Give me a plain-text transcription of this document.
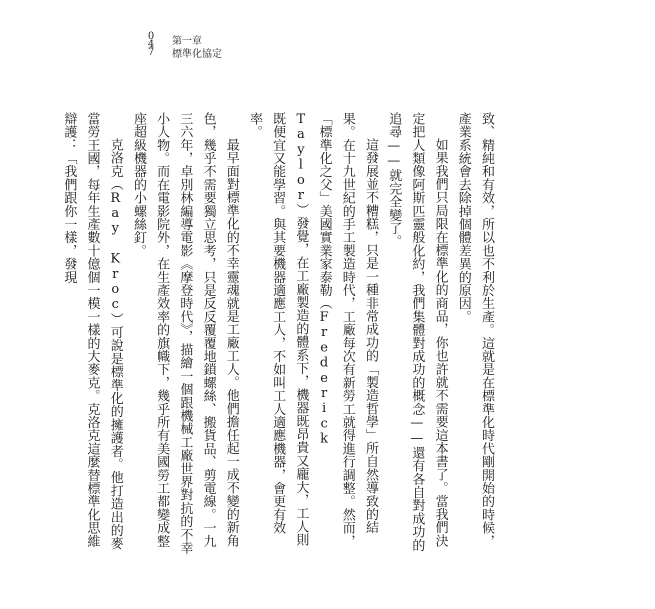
047
第一章
標準化協定

致、精純和有效，所以也不利於生產。這就是在標準化時代剛開始的時候，產業系統會去除掉個體差異的原因。

如果我們只局限在標準化的商品，你也許就不需要這本書了。當我們決定把人類像阿斯匹靈般化約，我們集體對成功的概念——還有各自對成功的追尋——就完全變了。

這發展並不糟糕，只是一種非常成功的「製造哲學」所自然導致的結果。在十九世紀的手工製造時代，工廠每次有新勞工就得進行調整。然而，「標準化之父」美國實業家泰勒（Frederick Taylor）發覺，在工廠製造的體系下，機器既昂貴又龐大，工人則既便宜又能學習。與其要機器適應工人，不如叫工人適應機器，會更有效率。

最早面對標準化的不幸靈魂就是工廠工人。他們擔任起一成不變的新角色，幾乎不需要獨立思考，只是反反覆覆地鎖螺絲、搬貨品、剪電線。一九三六年，卓別林編導電影《摩登時代》，描繪一個跟機械工廠世界對抗的不幸小人物。而在電影院外，在生產效率的旗幟下，幾乎所有美國勞工都變成整座超級機器的小螺絲釘。

克洛克（Ray Kroc）可說是標準化的擁護者。他打造出的麥當勞王國，每年生產數十億個一模一樣的大麥克。克洛克這麼替標準化思維辯護：「我們跟你一樣，發現
